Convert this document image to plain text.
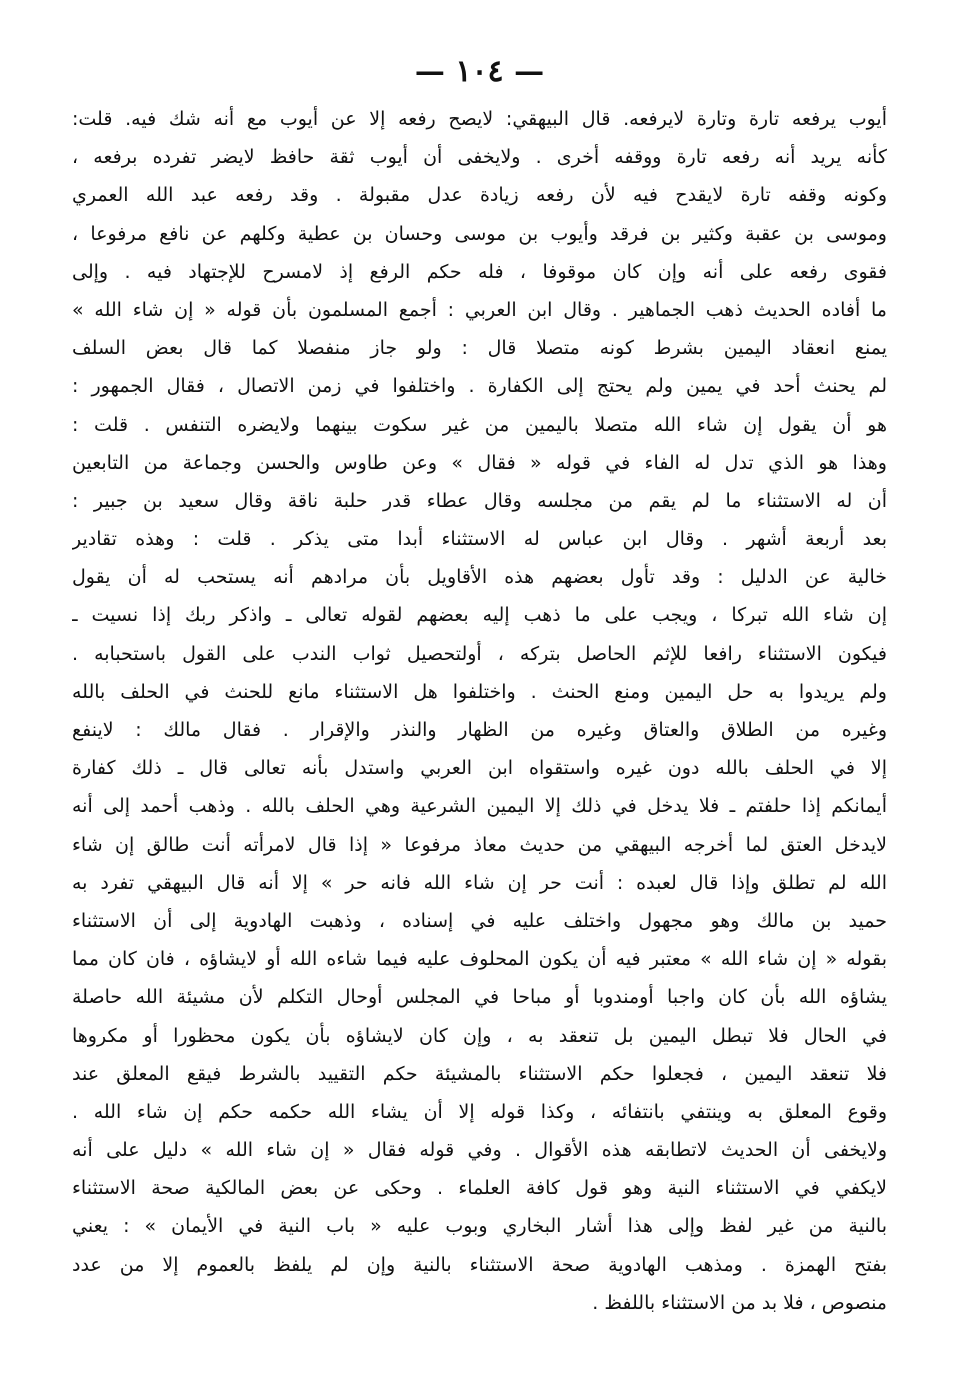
— ١٠٤ —
أيوب يرفعه تارة وتارة لايرفعه. قال البيهقي: لايصح رفعه إلا عن أيوب مع أنه شك فيه. قلت:
كأنه يريد أنه رفعه تارة ووقفه أخرى . ولايخفى أن أيوب ثقة حافظ لايضر تفرده برفعه ،
وكونه وقفه تارة لايقدح فيه لأن رفعه زيادة عدل مقبولة . وقد رفعه عبد الله العمري
وموسى بن عقبة وكثير بن فرقد وأيوب بن موسى وحسان بن عطية وكلهم عن نافع مرفوعا ،
فقوى رفعه على أنه وإن كان موقوفا ، فله حكم الرفع إذ لامسرح للإجتهاد فيه . وإلى
ما أفاده الحديث ذهب الجماهير . وقال ابن العربي : أجمع المسلمون بأن قوله « إن شاء الله »
يمنع انعقاد اليمين بشرط كونه متصلا قال : ولو جاز منفصلا كما قال بعض السلف
لم يحنث أحد في يمين ولم يحتج إلى الكفارة . واختلفوا في زمن الاتصال ، فقال الجمهور :
هو أن يقول إن شاء الله متصلا باليمين من غير سكوت بينهما ولايضره التنفس . قلت :
وهذا هو الذي تدل له الفاء في قوله « فقال » وعن طاوس والحسن وجماعة من التابعين
أن له الاستثناء ما لم يقم من مجلسه وقال عطاء قدر حلبة ناقة وقال سعيد بن جبير :
بعد أربعة أشهر . وقال ابن عباس له الاستثناء أبدا متى يذكر . قلت : وهذه تقادير
خالية عن الدليل : وقد تأول بعضهم هذه الأقاويل بأن مرادهم أنه يستحب له أن يقول
إن شاء الله تبركا ، ويجب على ما ذهب إليه بعضهم لقوله تعالى ـ واذكر ربك إذا نسيت ـ
فيكون الاستثناء رافعا للإثم الحاصل بتركه ، أولتحصيل ثواب الندب على القول باستحبابه .
ولم يريدوا به حل اليمين ومنع الحنث . واختلفوا هل الاستثناء مانع للحنث في الحلف بالله
وغيره من الطلاق والعتاق وغيره من الظهار والنذر والإقرار . فقال مالك : لاينفع
إلا في الحلف بالله دون غيره واستقواه ابن العربي واستدل بأنه تعالى قال ـ ذلك كفارة
أيمانكم إذا حلفتم ـ فلا يدخل في ذلك إلا اليمين الشرعية وهي الحلف بالله . وذهب أحمد إلى أنه
لايدخل العتق لما أخرجه البيهقي من حديث معاذ مرفوعا « إذا قال لامرأته أنت طالق إن شاء
الله لم تطلق وإذا قال لعبده : أنت حر إن شاء الله فانه حر » إلا أنه قال البيهقي تفرد به
حميد بن مالك وهو مجهول واختلف عليه في إسناده ، وذهبت الهادوية إلى أن الاستثناء
بقوله « إن شاء الله » معتبر فيه أن يكون المحلوف عليه فيما شاءه الله أو لايشاؤه ، فان كان مما
يشاؤه الله بأن كان واجبا أومندوبا أو مباحا في المجلس أوحال التكلم لأن مشيئة الله حاصلة
في الحال فلا تبطل اليمين بل تنعقد به ، وإن كان لايشاؤه بأن يكون محظورا أو مكروها
فلا تنعقد اليمين ، فجعلوا حكم الاستثناء بالمشيئة حكم التقييد بالشرط فيقع المعلق عند
وقوع المعلق به وينتفي بانتفائه ، وكذا قوله إلا أن يشاء الله حكمه حكم إن شاء الله .
ولايخفى أن الحديث لاتطابقه هذه الأقوال . وفي قوله فقال « إن شاء الله » دليل على أنه
لايكفي في الاستثناء النية وهو قول كافة العلماء . وحكى عن بعض المالكية صحة الاستثناء
بالنية من غير لفظ وإلى هذا أشار البخاري وبوب عليه « باب النية في الأيمان » : يعني
بفتح الهمزة . ومذهب الهادوية صحة الاستثناء بالنية وإن لم يلفظ بالعموم إلا من عدد
منصوص ، فلا بد من الاستثناء باللفظ .
